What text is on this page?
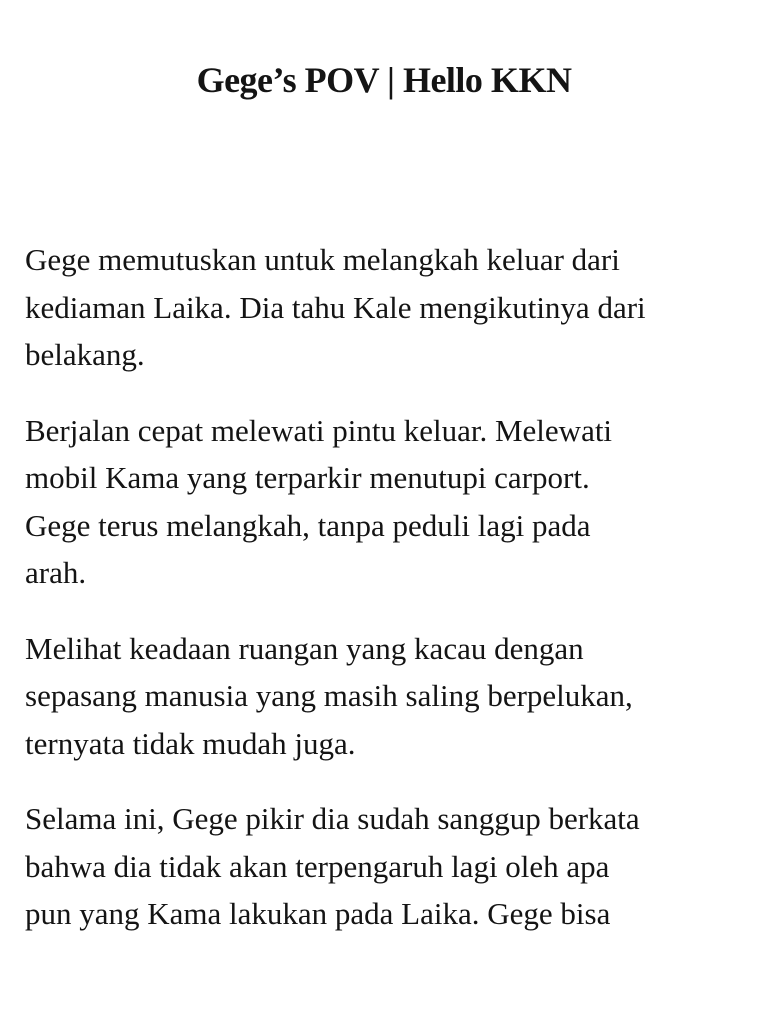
Gege’s POV | Hello KKN

Gege memutuskan untuk melangkah keluar dari
kediaman Laika. Dia tahu Kale mengikutinya dari
belakang.

Berjalan cepat melewati pintu keluar. Melewati
mobil Kama yang terparkir menutupi carport.
Gege terus melangkah, tanpa peduli lagi pada
arah.

Melihat keadaan ruangan yang kacau dengan
sepasang manusia yang masih saling berpelukan,
ternyata tidak mudah juga.

Selama ini, Gege pikir dia sudah sanggup berkata
bahwa dia tidak akan terpengaruh lagi oleh apa
pun yang Kama lakukan pada Laika. Gege bisa
